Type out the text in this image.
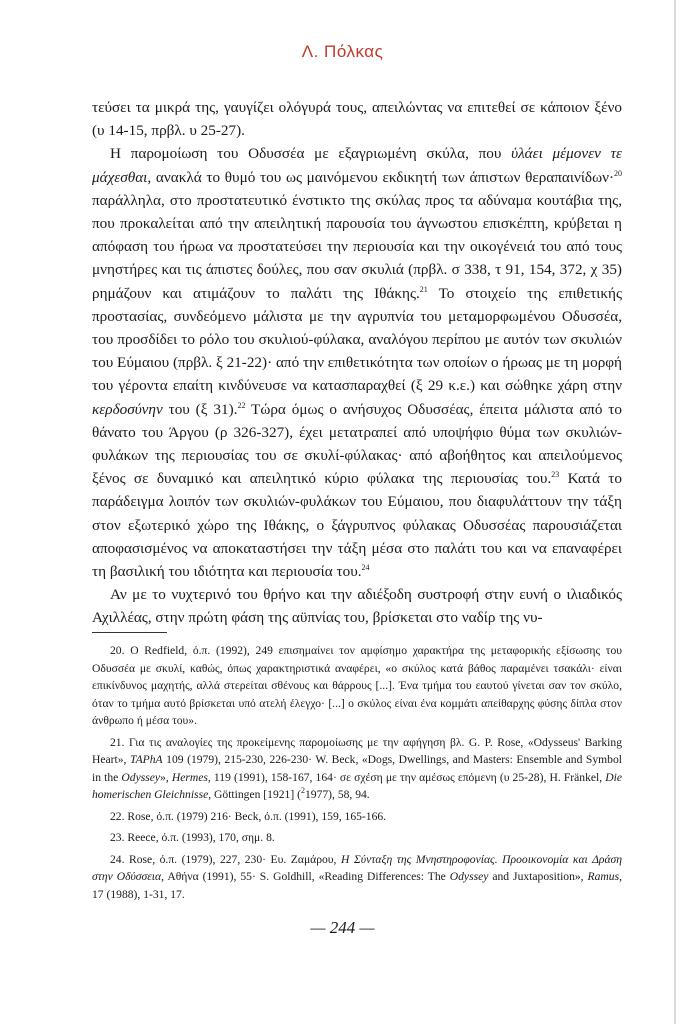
Λ. Πόλκας

τεύσει τα μικρά της, γαυγίζει ολόγυρά τους, απειλώντας να επιτεθεί σε κάποιον ξένο (υ 14-15, πρβλ. υ 25-27).

Η παρομοίωση του Οδυσσέα με εξαγριωμένη σκύλα, που ὑλάει μέμονεν τε μάχεσθαι, ανακλά το θυμό του ως μαινόμενου εκδικητή των άπιστων θεραπαινίδων·$^{20}$ παράλληλα, στο προστατευτικό ένστικτο της σκύλας προς τα αδύναμα κουτάβια της, που προκαλείται από την απειλητική παρουσία του άγνωστου επισκέπτη, κρύβεται η απόφαση του ήρωα να προστατεύσει την περιουσία και την οικογένειά του από τους μνηστήρες και τις άπιστες δούλες, που σαν σκυλιά (πρβλ. σ 338, τ 91, 154, 372, χ 35) ρημάζουν και ατιμάζουν το παλάτι της Ιθάκης.$^{21}$ Το στοιχείο της επιθετικής προστασίας, συνδεόμενο μάλιστα με την αγρυπνία του μεταμορφωμένου Οδυσσέα, του προσδίδει το ρόλο του σκυλιού-φύλακα, αναλόγου περίπου με αυτόν των σκυλιών του Εύμαιου (πρβλ. ξ 21-22)· από την επιθετικότητα των οποίων ο ήρωας με τη μορφή του γέροντα επαίτη κινδύνευσε να κατασπαραχθεί (ξ 29 κ.ε.) και σώθηκε χάρη στην κερδοσύνην του (ξ 31).$^{22}$ Τώρα όμως ο ανήσυχος Οδυσσέας, έπειτα μάλιστα από το θάνατο του Άργου (ρ 326-327), έχει μετατραπεί από υποψήφιο θύμα των σκυλιών-φυλάκων της περιουσίας του σε σκυλί-φύλακας· από αβοήθητος και απειλούμενος ξένος σε δυναμικό και απειλητικό κύριο φύλακα της περιουσίας του.$^{23}$ Κατά το παράδειγμα λοιπόν των σκυλιών-φυλάκων του Εύμαιου, που διαφυλάττουν την τάξη στον εξωτερικό χώρο της Ιθάκης, ο ξάγρυπνος φύλακας Οδυσσέας παρουσιάζεται αποφασισμένος να αποκαταστήσει την τάξη μέσα στο παλάτι του και να επαναφέρει τη βασιλική του ιδιότητα και περιουσία του.$^{24}$

Αν με το νυχτερινό του θρήνο και την αδιέξοδη συστροφή στην ευνή ο ιλιαδικός Αχιλλέας, στην πρώτη φάση της αϋπνίας του, βρίσκεται στο ναδίρ της νυ-

20. O Redfield, ό.π. (1992), 249 επισημαίνει τον αμφίσημο χαρακτήρα της μεταφορικής εξίσωσης του Οδυσσέα με σκυλί, καθώς, όπως χαρακτηριστικά αναφέρει, «ο σκύλος κατά βάθος παραμένει τσακάλι· είναι επικίνδυνος μαχητής, αλλά στερείται σθένους και θάρρους [...]. Ένα τμήμα του εαυτού γίνεται σαν τον σκύλο, όταν το τμήμα αυτό βρίσκεται υπό ατελή έλεγχο· [...] ο σκύλος είναι ένα κομμάτι απείθαρχης φύσης δίπλα στον άνθρωπο ή μέσα του».

21. Για τις αναλογίες της προκείμενης παρομοίωσης με την αφήγηση βλ. G. P. Rose, «Odysseus' Barking Heart», TAPhA 109 (1979), 215-230, 226-230· W. Beck, «Dogs, Dwellings, and Masters: Ensemble and Symbol in the Odyssey», Hermes, 119 (1991), 158-167, 164· σε σχέση με την αμέσως επόμενη (υ 25-28), H. Fränkel, Die homerischen Gleichnisse, Göttingen [1921] ($^2$1977), 58, 94.

22. Rose, ό.π. (1979) 216· Beck, ό.π. (1991), 159, 165-166.

23. Reece, ό.π. (1993), 170, σημ. 8.

24. Rose, ό.π. (1979), 227, 230· Ευ. Ζαμάρου, Η Σύνταξη της Μνηστηροφονίας. Προοικονομία και Δράση στην Οδύσσεια, Αθήνα (1991), 55· S. Goldhill, «Reading Differences: The Odyssey and Juxtaposition», Ramus, 17 (1988), 1-31, 17.

— 244 —
